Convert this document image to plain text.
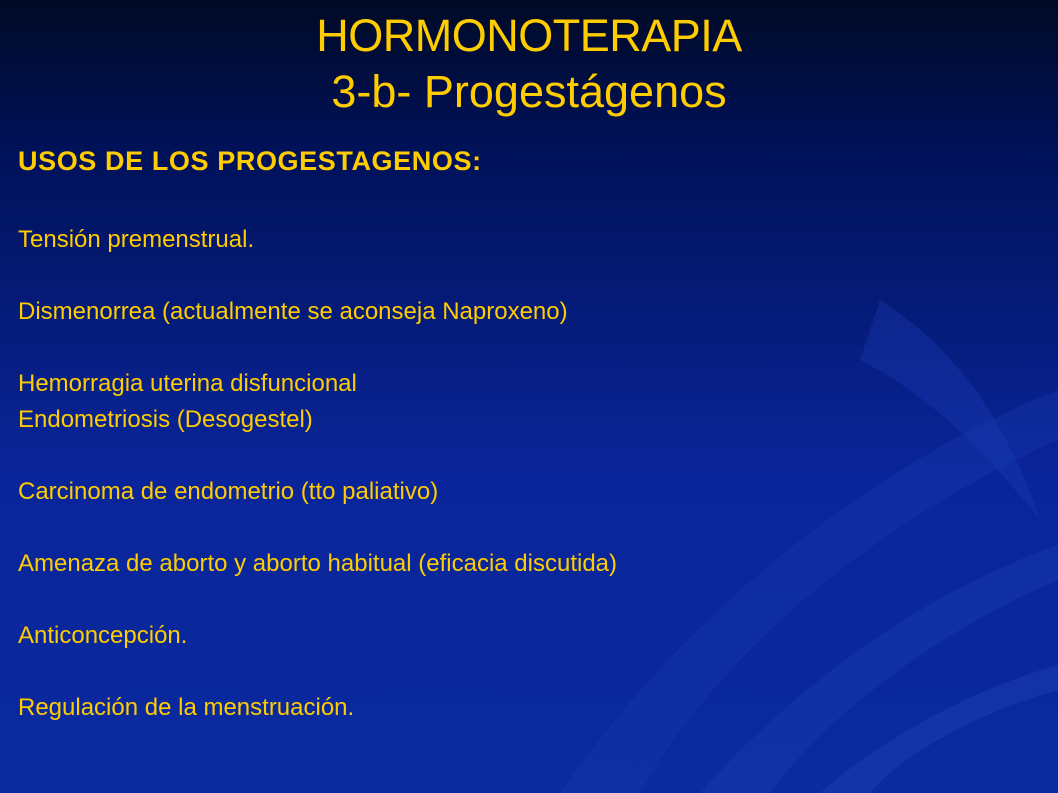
HORMONOTERAPIA
3-b- Progestágenos
USOS DE LOS PROGESTAGENOS:
Tensión premenstrual.
Dismenorrea (actualmente se aconseja Naproxeno)
Hemorragia uterina disfuncional
Endometriosis (Desogestel)
Carcinoma de endometrio (tto paliativo)
Amenaza de aborto y aborto habitual (eficacia discutida)
Anticoncepción.
Regulación de la menstruación.
